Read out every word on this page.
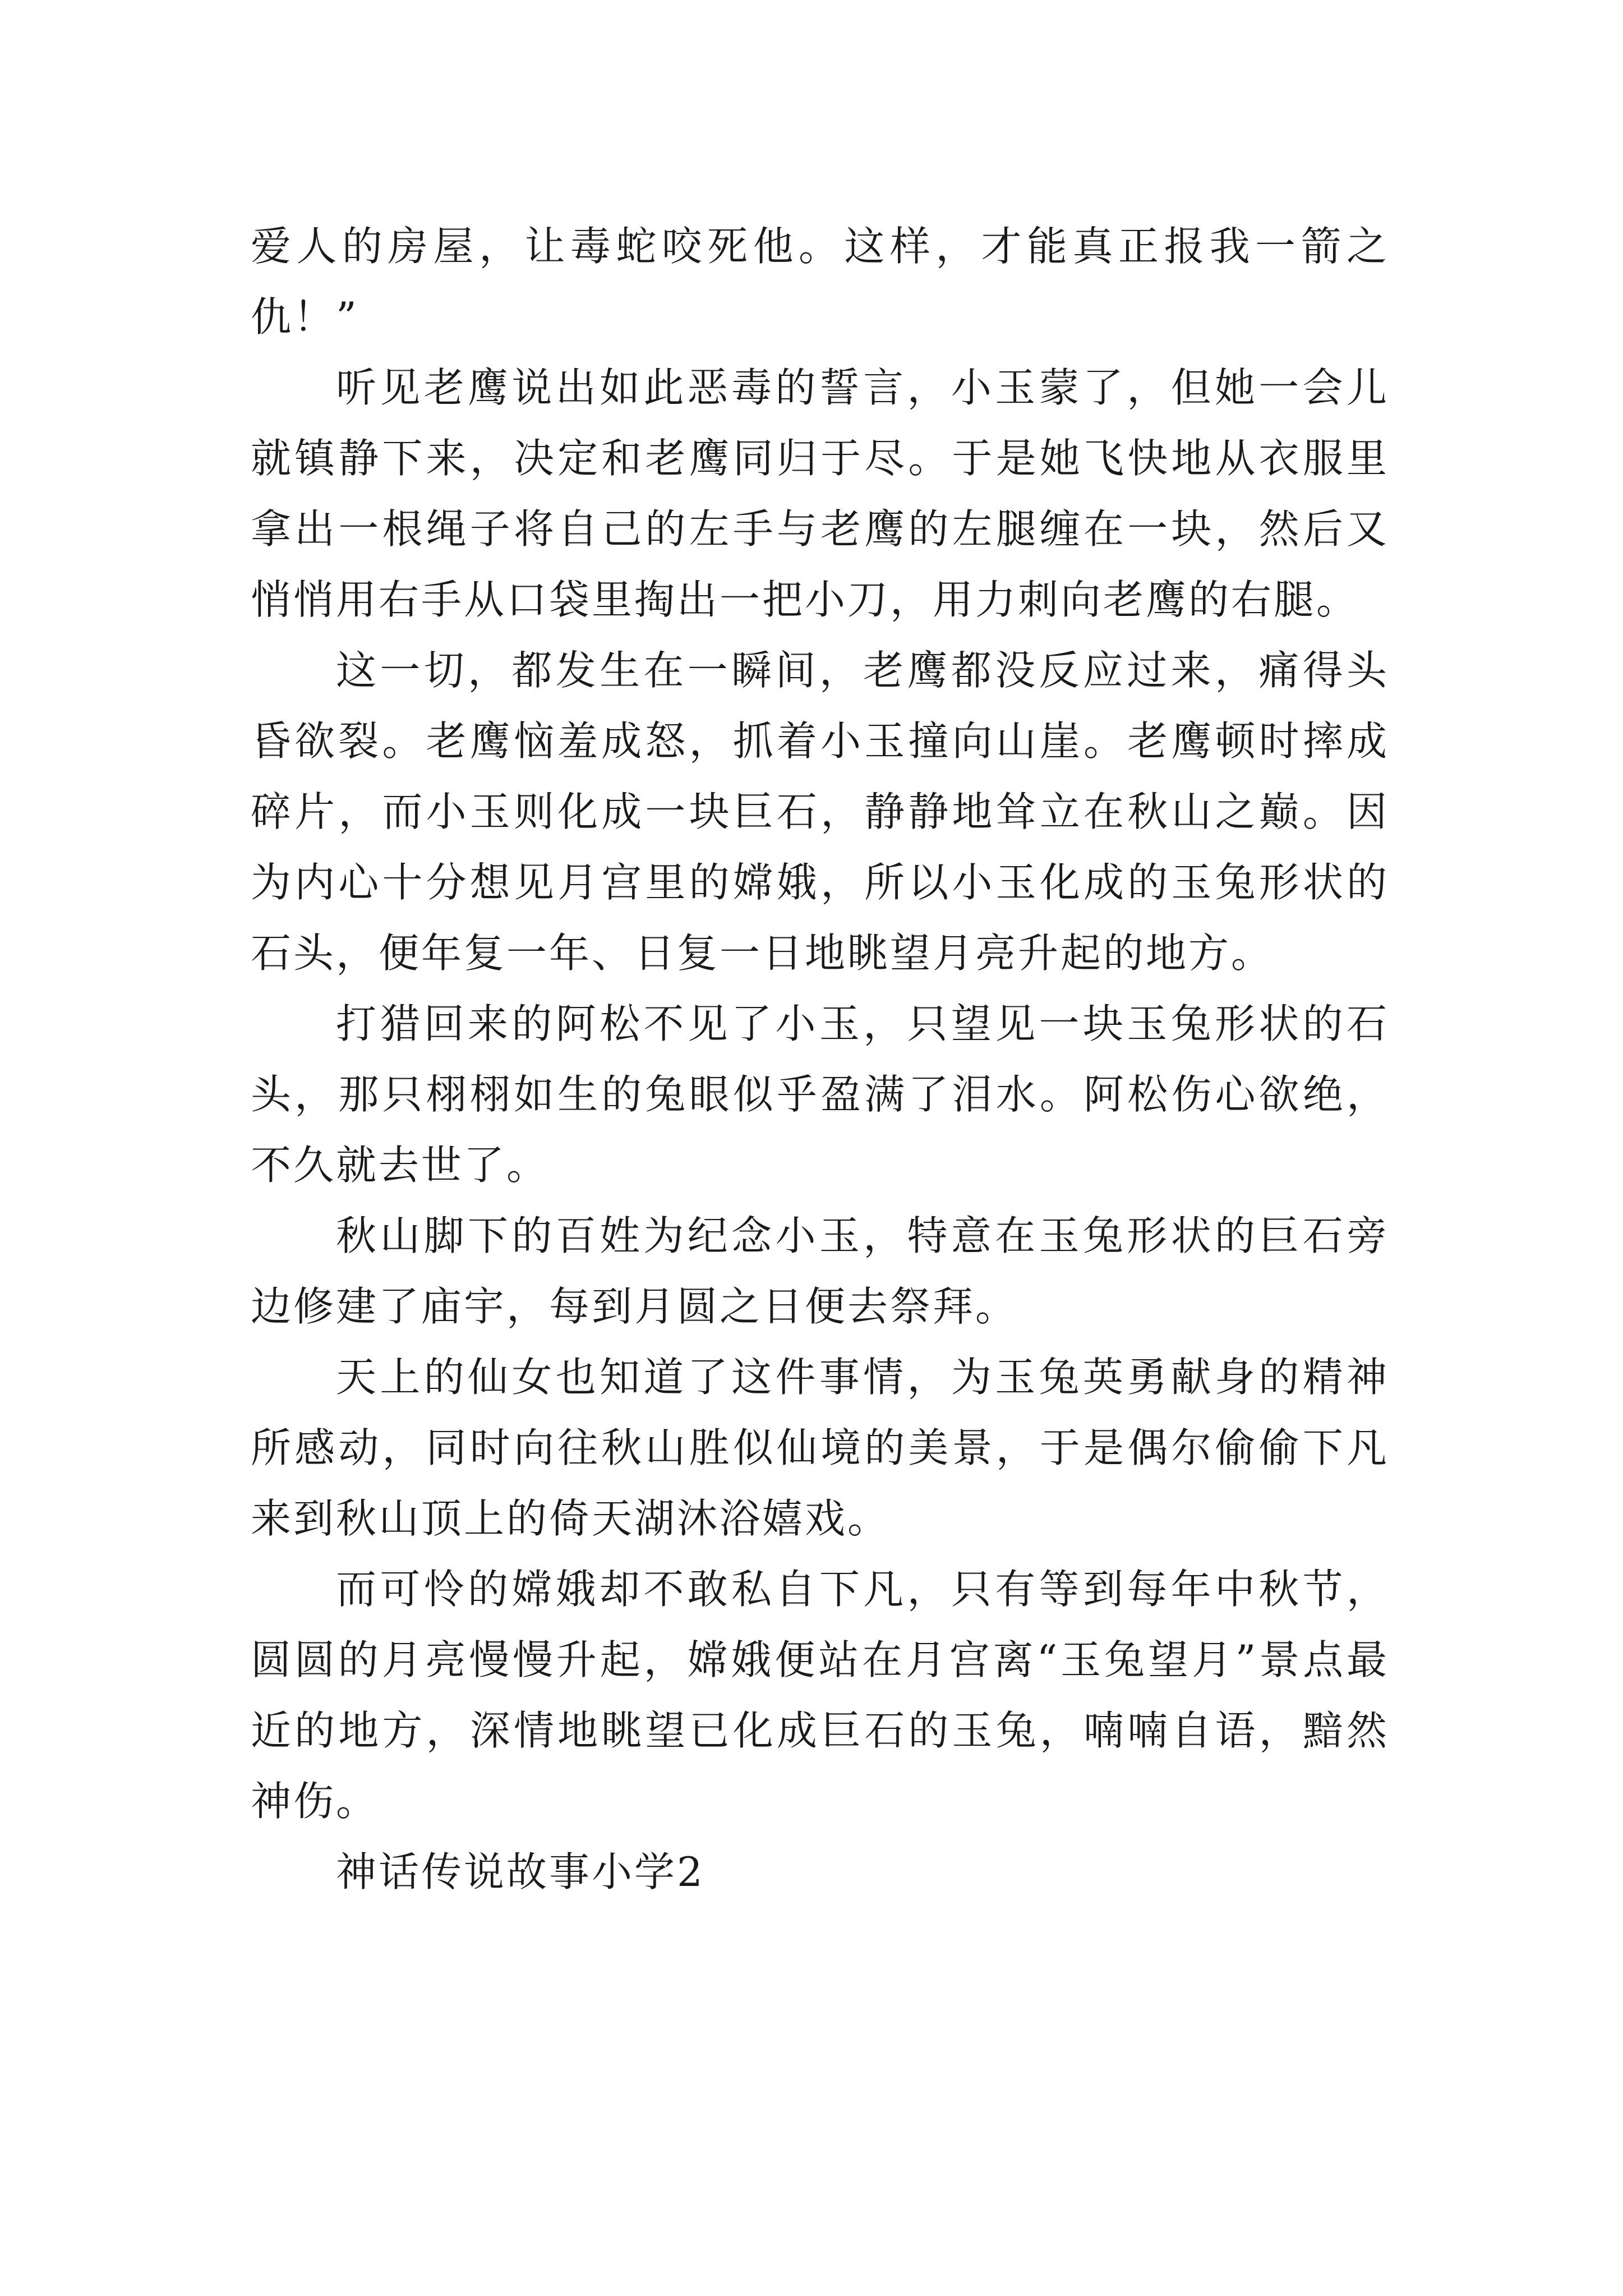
爱人的房屋，让毒蛇咬死他。这样，才能真正报我一箭之仇！”

听见老鹰说出如此恶毒的誓言，小玉蒙了，但她一会儿就镇静下来，决定和老鹰同归于尽。于是她飞快地从衣服里拿出一根绳子将自己的左手与老鹰的左腿缠在一块，然后又悄悄用右手从口袋里掏出一把小刀，用力刺向老鹰的右腿。

这一切，都发生在一瞬间，老鹰都没反应过来，痛得头昏欲裂。老鹰恼羞成怒，抓着小玉撞向山崖。老鹰顿时摔成碎片，而小玉则化成一块巨石，静静地耸立在秋山之巅。因为内心十分想见月宫里的嫦娥，所以小玉化成的玉兔形状的石头，便年复一年、日复一日地眺望月亮升起的地方。

打猎回来的阿松不见了小玉，只望见一块玉兔形状的石头，那只栩栩如生的兔眼似乎盈满了泪水。阿松伤心欲绝，不久就去世了。

秋山脚下的百姓为纪念小玉，特意在玉兔形状的巨石旁边修建了庙宇，每到月圆之日便去祭拜。

天上的仙女也知道了这件事情，为玉兔英勇献身的精神所感动，同时向往秋山胜似仙境的美景，于是偶尔偷偷下凡来到秋山顶上的倚天湖沐浴嬉戏。

而可怜的嫦娥却不敢私自下凡，只有等到每年中秋节，圆圆的月亮慢慢升起，嫦娥便站在月宫离“玉兔望月”景点最近的地方，深情地眺望已化成巨石的玉兔，喃喃自语，黯然神伤。

神话传说故事小学2
